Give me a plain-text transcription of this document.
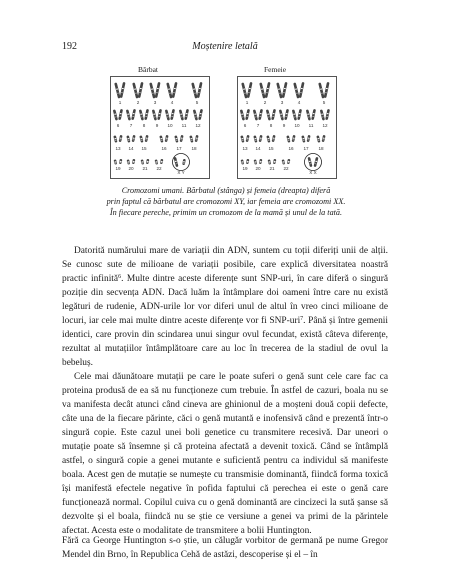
192	Moștenire letală
Bărbat	Femeie
1	2	3	4	5
6 7 8 9 10 11 12
13 14 15	16 17 18
19 20 21 22
X Y
1	2	3	4	5
6 7 8 9 10 11 12
13 14 15	16 17 18
19 20 21 22
X X
Cromozomi umani. Bărbatul (stânga) și femeia (dreapta) diferă
prin faptul că bărbatul are cromozomi XY, iar femeia are cromozomi XX.
În fiecare pereche, primim un cromozom de la mamă și unul de la tată.

Datorită numărului mare de variații din ADN, suntem cu toții diferiți unii de alții. Se cunosc sute de milioane de variații posibile, care explică diversitatea noastră practic infinită$^6$. Multe dintre aceste diferențe sunt SNP-uri, în care diferă o singură poziție din secvența ADN. Dacă luăm la întâmplare doi oameni între care nu există legături de rudenie, ADN-urile lor vor diferi unul de altul în vreo cinci milioane de locuri, iar cele mai multe dintre aceste diferențe vor fi SNP-uri$^7$. Până și între gemenii identici, care provin din scindarea unui singur ovul fecundat, există câteva diferențe, rezultat al mutațiilor întâmplătoare care au loc în trecerea de la stadiul de ovul la bebeluș.

Cele mai dăunătoare mutații pe care le poate suferi o genă sunt cele care fac ca proteina produsă de ea să nu funcționeze cum trebuie. În astfel de cazuri, boala nu se va manifesta decât atunci când cineva are ghinionul de a moșteni două copii defecte, câte una de la fiecare părinte, căci o genă mutantă e inofensivă când e prezentă într-o singură copie. Este cazul unei boli genetice cu transmitere recesivă. Dar uneori o mutație poate să însemne și că proteina afectată a devenit toxică. Când se întâmplă astfel, o singură copie a genei mutante e suficientă pentru ca individul să manifeste boala. Acest gen de mutație se numește cu transmisie dominantă, fiindcă forma toxică își manifestă efectele negative în pofida faptului că perechea ei este o genă care funcționează normal. Copilul cuiva cu o genă dominantă are cincizeci la sută șanse să dezvolte și el boala, fiindcă nu se știe ce versiune a genei va primi de la părintele afectat. Acesta este o modalitate de transmitere a bolii Huntington.

Fără ca George Huntington s-o știe, un călugăr vorbitor de germană pe nume Gregor Mendel din Brno, în Republica Cehă de astăzi, descoperise și el – în
